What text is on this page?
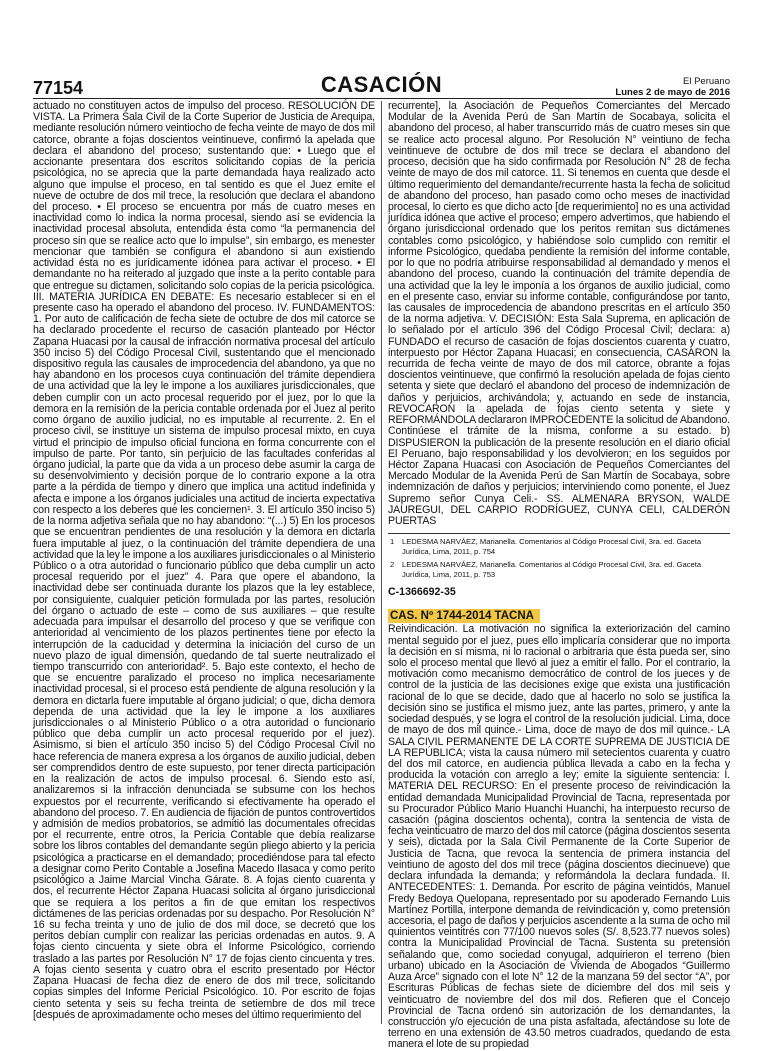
77154	CASACIÓN	El Peruano
Lunes 2 de mayo de 2016

actuado no constituyen actos de impulso del proceso. RESOLUCIÓN DE VISTA. La Primera Sala Civil de la Corte Superior de Justicia de Arequipa, mediante resolución número veintiocho de fecha veinte de mayo de dos mil catorce, obrante a fojas doscientos veintinueve, confirmó la apelada que declara el abandono del proceso; sustentando que: • Luego que el accionante presentara dos escritos solicitando copias de la pericia psicológica, no se aprecia que la parte demandada haya realizado acto alguno que impulse el proceso, en tal sentido es que el Juez emite el nueve de octubre de dos mil trece, la resolución que declara el abandono del proceso. • El proceso se encuentra por más de cuatro meses en inactividad como lo indica la norma procesal, siendo así se evidencia la inactividad procesal absoluta, entendida ésta como “la permanencia del proceso sin que se realice acto que lo impulse”, sin embargo, es menester mencionar que también se configura el abandono si aun existiendo actividad ésta no es jurídicamente idónea para activar el proceso. • El demandante no ha reiterado al juzgado que inste a la perito contable para que entregue su dictamen, solicitando solo copias de la pericia psicológica. III. MATERIA JURÍDICA EN DEBATE: Es necesario establecer si en el presente caso ha operado el abandono del proceso. IV. FUNDAMENTOS: 1. Por auto de calificación de fecha siete de octubre de dos mil catorce se ha declarado procedente el recurso de casación planteado por Héctor Zapana Huacasi por la causal de infracción normativa procesal del artículo 350 inciso 5) del Código Procesal Civil, sustentando que el mencionado dispositivo regula las causales de improcedencia del abandono, ya que no hay abandono en los procesos cuya continuación del trámite dependiera de una actividad que la ley le impone a los auxiliares jurisdiccionales, que deben cumplir con un acto procesal requerido por el juez, por lo que la demora en la remisión de la pericia contable ordenada por el Juez al perito como órgano de auxilio judicial, no es imputable al recurrente. 2. En el proceso civil, se instituye un sistema de impulso procesal mixto, en cuya virtud el principio de impulso oficial funciona en forma concurrente con el impulso de parte. Por tanto, sin perjuicio de las facultades conferidas al órgano judicial, la parte que da vida a un proceso debe asumir la carga de su desenvolvimiento y decisión porque de lo contrario expone a la otra parte a la pérdida de tiempo y dinero que implica una actitud indefinida y afecta e impone a los órganos judiciales una actitud de incierta expectativa con respecto a los deberes que les conciernen¹. 3. El artículo 350 inciso 5) de la norma adjetiva señala que no hay abandono: “(...) 5) En los procesos que se encuentran pendientes de una resolución y la demora en dictarla fuera imputable al juez, o la continuación del trámite dependiera de una actividad que la ley le impone a los auxiliares jurisdiccionales o al Ministerio Público o a otra autoridad o funcionario público que deba cumplir un acto procesal requerido por el juez” 4. Para que opere el abandono, la inactividad debe ser continuada durante los plazos que la ley establece, por consiguiente, cualquier petición formulada por las partes, resolución del órgano o actuado de este – como de sus auxiliares – que resulte adecuada para impulsar el desarrollo del proceso y que se verifique con anterioridad al vencimiento de los plazos pertinentes tiene por efecto la interrupción de la caducidad y determina la iniciación del curso de un nuevo plazo de igual dimensión, quedando de tal suerte neutralizado el tiempo transcurrido con anterioridad². 5. Bajo este contexto, el hecho de que se encuentre paralizado el proceso no implica necesariamente inactividad procesal, si el proceso está pendiente de alguna resolución y la demora en dictarla fuere imputable al órgano judicial; o que, dicha demora dependa de una actividad que la ley le impone a los auxiliares jurisdiccionales o al Ministerio Público o a otra autoridad o funcionario público que deba cumplir un acto procesal requerido por el juez). Asimismo, si bien el artículo 350 inciso 5) del Código Procesal Civil no hace referencia de manera expresa a los órganos de auxilio judicial, deben ser comprendidos dentro de este supuesto, por tener directa participación en la realización de actos de impulso procesal. 6. Siendo esto así, analizaremos si la infracción denunciada se subsume con los hechos expuestos por el recurrente, verificando si efectivamente ha operado el abandono del proceso. 7. En audiencia de fijación de puntos controvertidos y admisión de medios probatorios, se admitió las documentales ofrecidas por el recurrente, entre otros, la Pericia Contable que debía realizarse sobre los libros contables del demandante según pliego abierto y la pericia psicológica a practicarse en el demandado; procediéndose para tal efecto a designar como Perito Contable a Josefina Macedo Ilasaca y como perito psicológico a Jaime Marcial Vincha Gárate. 8. A fojas ciento cuarenta y dos, el recurrente Héctor Zapana Huacasi solicita al órgano jurisdiccional que se requiera a los peritos a fin de que emitan los respectivos dictámenes de las pericias ordenadas por su despacho. Por Resolución N° 16 su fecha treinta y uno de julio de dos mil doce, se decretó que los peritos debían cumplir con realizar las pericias ordenadas en autos. 9. A fojas ciento cincuenta y siete obra el Informe Psicológico, corriendo traslado a las partes por Resolución N° 17 de fojas ciento cincuenta y tres. A fojas ciento sesenta y cuatro obra el escrito presentado por Héctor Zapana Huacasi de fecha diez de enero de dos mil trece, solicitando copias simples del Informe Pericial Psicológico. 10. Por escrito de fojas ciento setenta y seis su fecha treinta de setiembre de dos mil trece [después de aproximadamente ocho meses del último requerimiento del

recurrente], la Asociación de Pequeños Comerciantes del Mercado Modular de la Avenida Perú de San Martín de Socabaya, solicita el abandono del proceso, al haber transcurrido más de cuatro meses sin que se realice acto procesal alguno. Por Resolución N° veintiuno de fecha veintinueve de octubre de dos mil trece se declara el abandono del proceso, decisión que ha sido confirmada por Resolución N° 28 de fecha veinte de mayo de dos mil catorce. 11. Si tenemos en cuenta que desde el último requerimiento del demandante/recurrente hasta la fecha de solicitud de abandono del proceso, han pasado como ocho meses de inactividad procesal, lo cierto es que dicho acto [de requerimiento] no es una actividad jurídica idónea que active el proceso; empero advertimos, que habiendo el órgano jurisdiccional ordenado que los peritos remitan sus dictámenes contables como psicológico, y habiéndose solo cumplido con remitir el informe Psicológico, quedaba pendiente la remisión del informe contable, por lo que no podría atribuirse responsabilidad al demandado y menos el abandono del proceso, cuando la continuación del trámite dependía de una actividad que la ley le imponía a los órganos de auxilio judicial, como en el presente caso, enviar su informe contable, configurándose por tanto, las causales de improcedencia de abandono prescritas en el artículo 350 de la norma adjetiva. V. DECISIÓN: Esta Sala Suprema, en aplicación de lo señalado por el artículo 396 del Código Procesal Civil; declara: a) FUNDADO el recurso de casación de fojas doscientos cuarenta y cuatro, interpuesto por Héctor Zapana Huacasi; en consecuencia, CASARON la recurrida de fecha veinte de mayo de dos mil catorce, obrante a fojas doscientos veintinueve, que confirmó la resolución apelada de fojas ciento setenta y siete que declaró el abandono del proceso de indemnización de daños y perjuicios, archivándola; y, actuando en sede de instancia, REVOCARON la apelada de fojas ciento setenta y siete y REFORMÁNDOLA declararon IMPROCEDENTE la solicitud de Abandono. Continúese el trámite de la misma, conforme a su estado. b) DISPUSIERON la publicación de la presente resolución en el diario oficial El Peruano, bajo responsabilidad y los devolvieron; en los seguidos por Héctor Zapana Huacasi con Asociación de Pequeños Comerciantes del Mercado Modular de la Avenida Perú de San Martín de Socabaya, sobre indemnización de daños y perjuicios; interviniendo como ponente, el Juez Supremo señor Cunya Celi.- SS. ALMENARA BRYSON, WALDE JAUREGUI, DEL CARPIO RODRÍGUEZ, CUNYA CELI, CALDERÓN PUERTAS

1 LEDESMA NARVÁEZ, Marianella. Comentarios al Código Procesal Civil, 3ra. ed. Gaceta Jurídica, Lima, 2011, p. 754
2 LEDESMA NARVÁEZ, Marianella. Comentarios al Código Procesal Civil, 3ra. ed. Gaceta Jurídica, Lima, 2011, p. 753
C-1366692-35
CAS. Nº 1744-2014 TACNA

Reivindicación. La motivación no significa la exteriorización del camino mental seguido por el juez, pues ello implicaría considerar que no importa la decisión en sí misma, ni lo racional o arbitraria que ésta pueda ser, sino solo el proceso mental que llevó al juez a emitir el fallo. Por el contrario, la motivación como mecanismo democrático de control de los jueces y de control de la justicia de las decisiones exige que exista una justificación racional de lo que se decide, dado que al hacerlo no solo se justifica la decisión sino se justifica el mismo juez, ante las partes, primero, y ante la sociedad después, y se logra el control de la resolución judicial. Lima, doce de mayo de dos mil quince.- Lima, doce de mayo de dos mil quince.- LA SALA CIVIL PERMANENTE DE LA CORTE SUPREMA DE JUSTICIA DE LA REPÚBLICA; vista la causa número mil setecientos cuarenta y cuatro del dos mil catorce, en audiencia pública llevada a cabo en la fecha y producida la votación con arreglo a ley; emite la siguiente sentencia: I. MATERIA DEL RECURSO: En el presente proceso de reivindicación la entidad demandada Municipalidad Provincial de Tacna, representada por su Procurador Público Mario Huanchi Huanchi, ha interpuesto recurso de casación (página doscientos ochenta), contra la sentencia de vista de fecha veinticuatro de marzo del dos mil catorce (página doscientos sesenta y seis), dictada por la Sala Civil Permanente de la Corte Superior de Justicia de Tacna, que revoca la sentencia de primera instancia del veintiuno de agosto del dos mil trece (página doscientos diecinueve) que declara infundada la demanda; y reformándola la declara fundada. II. ANTECEDENTES: 1. Demanda. Por escrito de página veintidós, Manuel Fredy Bedoya Quelopana, representado por su apoderado Fernando Luis Martínez Portilla, interpone demanda de reivindicación y, como pretensión accesoria, el pago de daños y perjuicios ascendente a la suma de ocho mil quinientos veintitrés con 77/100 nuevos soles (S/. 8,523.77 nuevos soles) contra la Municipalidad Provincial de Tacna. Sustenta su pretensión señalando que, como sociedad conyugal, adquirieron el terreno (bien urbano) ubicado en la Asociación de Vivienda de Abogados “Guillermo Auza Arce” signado con el lote N° 12 de la manzana 59 del sector “A”, por Escrituras Públicas de fechas siete de diciembre del dos mil seis y veinticuatro de noviembre del dos mil dos. Refieren que el Concejo Provincial de Tacna ordenó sin autorización de los demandantes, la construcción y/o ejecución de una pista asfaltada, afectándose su lote de terreno en una extensión de 43.50 metros cuadrados, quedando de esta manera el lote de su propiedad
